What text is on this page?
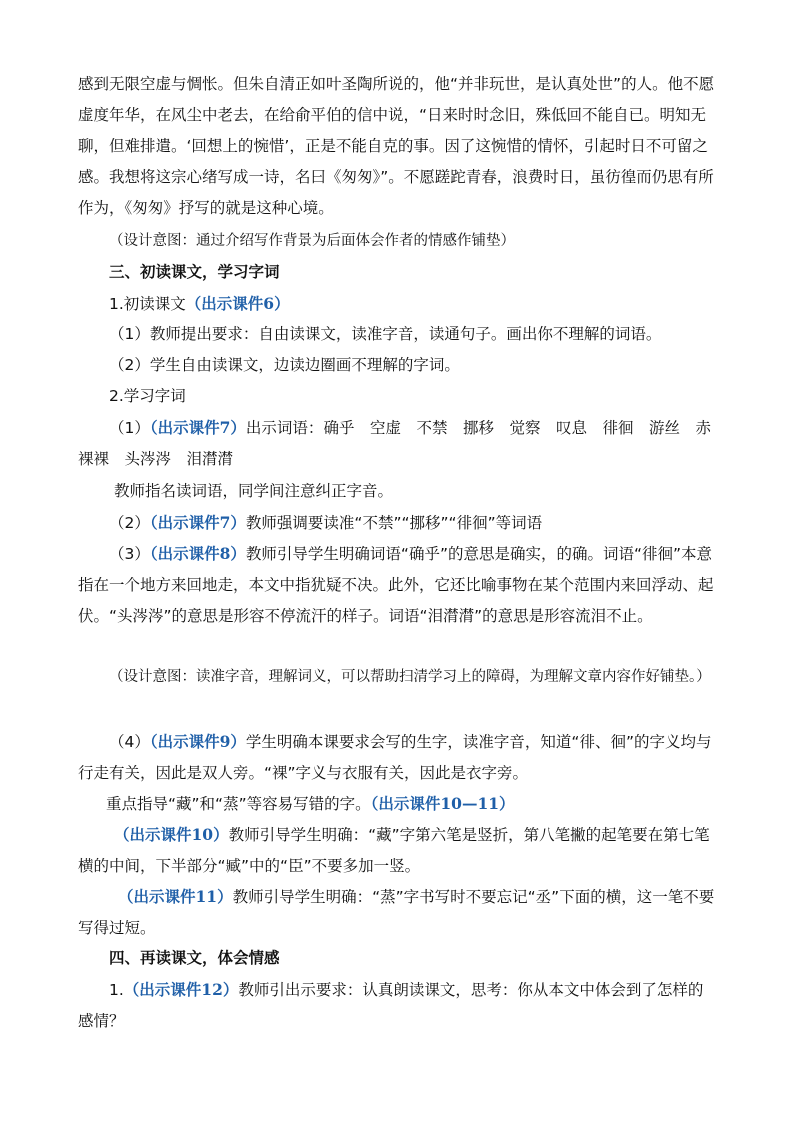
感到无限空虚与惆怅。但朱自清正如叶圣陶所说的，他“并非玩世，是认真处世”的人。他不愿虚度年华，在风尘中老去，在给俞平伯的信中说，“日来时时念旧，殊低回不能自已。明知无聊，但难排遣。‘回想上的惋惜’，正是不能自克的事。因了这惋惜的情怀，引起时日不可留之感。我想将这宗心绪写成一诗，名曰《匆匆》”。不愿蹉跎青春，浪费时日，虽彷徨而仍思有所作为，《匆匆》抒写的就是这种心境。

（设计意图：通过介绍写作背景为后面体会作者的情感作铺垫）

三、初读课文，学习字词

1.初读课文（出示课件6）

（1）教师提出要求：自由读课文，读准字音，读通句子。画出你不理解的词语。

（2）学生自由读课文，边读边圈画不理解的字词。

2.学习字词

（1）（出示课件7）出示词语：确乎　空虚　不禁　挪移　觉察　叹息　徘徊　游丝　赤裸裸　头涔涔　泪潸潸

教师指名读词语，同学间注意纠正字音。

（2）（出示课件7）教师强调要读准“不禁”“挪移”“徘徊”等词语

（3）（出示课件8）教师引导学生明确词语“确乎”的意思是确实，的确。词语“徘徊”本意指在一个地方来回地走，本文中指犹疑不决。此外，它还比喻事物在某个范围内来回浮动、起伏。“头涔涔”的意思是形容不停流汗的样子。词语“泪潸潸”的意思是形容流泪不止。

（设计意图：读准字音，理解词义，可以帮助扫清学习上的障碍，为理解文章内容作好铺垫。）

（4）（出示课件9）学生明确本课要求会写的生字，读准字音，知道“徘、徊”的字义均与行走有关，因此是双人旁。“裸”字义与衣服有关，因此是衣字旁。

重点指导“藏”和“蒸”等容易写错的字。（出示课件10—11）

（出示课件10）教师引导学生明确：“藏”字第六笔是竖折，第八笔撇的起笔要在第七笔横的中间，下半部分“臧”中的“臣”不要多加一竖。

（出示课件11）教师引导学生明确：“蒸”字书写时不要忘记“丞”下面的横，这一笔不要写得过短。

四、再读课文，体会情感

1.（出示课件12）教师引出示要求：认真朗读课文，思考：你从本文中体会到了怎样的感情？
